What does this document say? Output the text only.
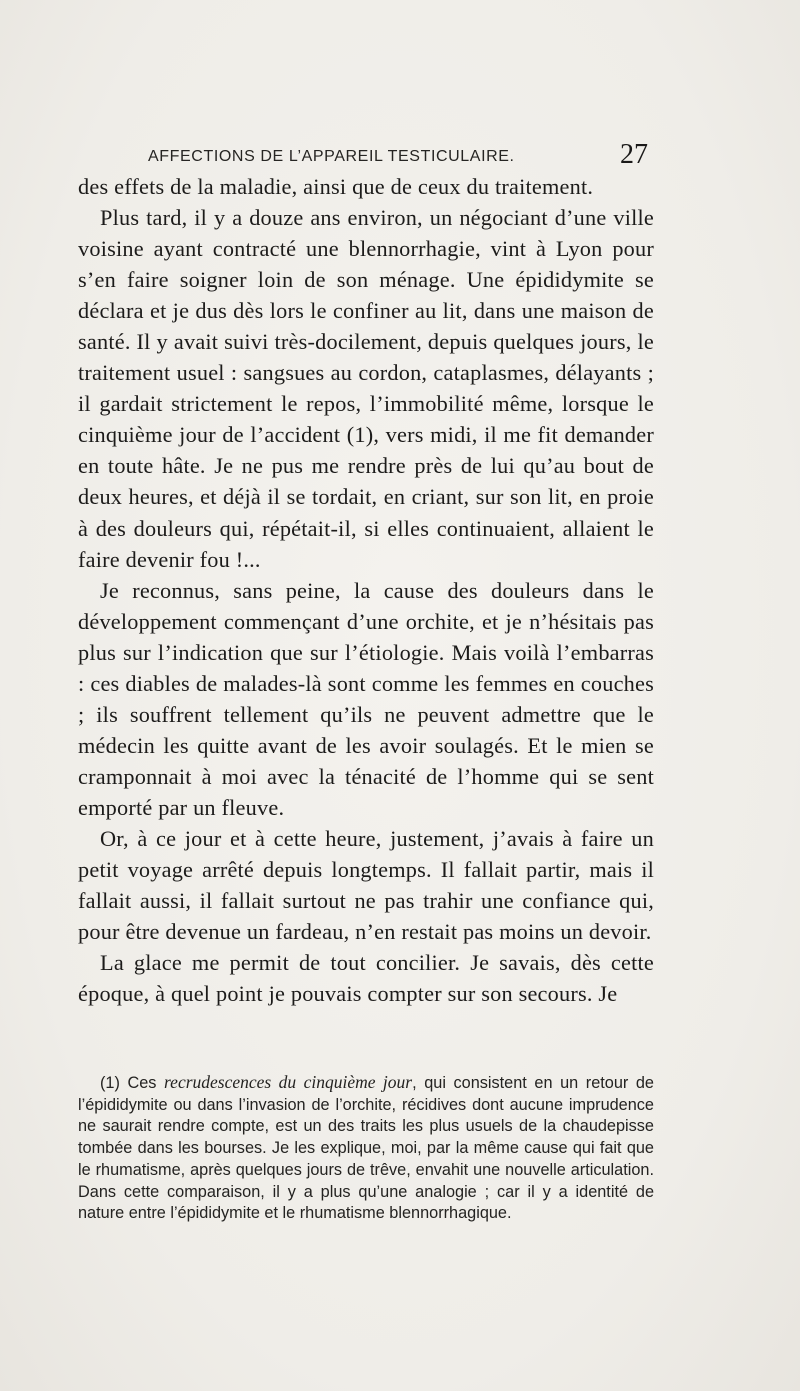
AFFECTIONS DE L’APPAREIL TESTICULAIRE.	27

des effets de la maladie, ainsi que de ceux du traitement.

Plus tard, il y a douze ans environ, un négociant d’une ville voisine ayant contracté une blennorrhagie, vint à Lyon pour s’en faire soigner loin de son ménage. Une épididymite se déclara et je dus dès lors le confiner au lit, dans une maison de santé. Il y avait suivi très-docilement, depuis quelques jours, le traitement usuel : sangsues au cordon, cataplasmes, délayants ; il gardait strictement le repos, l’immobilité même, lorsque le cinquième jour de l’accident (1), vers midi, il me fit demander en toute hâte. Je ne pus me rendre près de lui qu’au bout de deux heures, et déjà il se tordait, en criant, sur son lit, en proie à des douleurs qui, répétait-il, si elles continuaient, allaient le faire devenir fou !...

Je reconnus, sans peine, la cause des douleurs dans le développement commençant d’une orchite, et je n’hésitais pas plus sur l’indication que sur l’étiologie. Mais voilà l’embarras : ces diables de malades-là sont comme les femmes en couches ; ils souffrent tellement qu’ils ne peuvent admettre que le médecin les quitte avant de les avoir soulagés. Et le mien se cramponnait à moi avec la ténacité de l’homme qui se sent emporté par un fleuve.

Or, à ce jour et à cette heure, justement, j’avais à faire un petit voyage arrêté depuis longtemps. Il fallait partir, mais il fallait aussi, il fallait surtout ne pas trahir une confiance qui, pour être devenue un fardeau, n’en restait pas moins un devoir.

La glace me permit de tout concilier. Je savais, dès cette époque, à quel point je pouvais compter sur son secours. Je

(1) Ces recrudescences du cinquième jour, qui consistent en un retour de l’épididymite ou dans l’invasion de l’orchite, récidives dont aucune imprudence ne saurait rendre compte, est un des traits les plus usuels de la chaudepisse tombée dans les bourses. Je les explique, moi, par la même cause qui fait que le rhumatisme, après quelques jours de trêve, envahit une nouvelle articulation. Dans cette comparaison, il y a plus qu’une analogie ; car il y a identité de nature entre l’épididymite et le rhumatisme blennorrhagique.
